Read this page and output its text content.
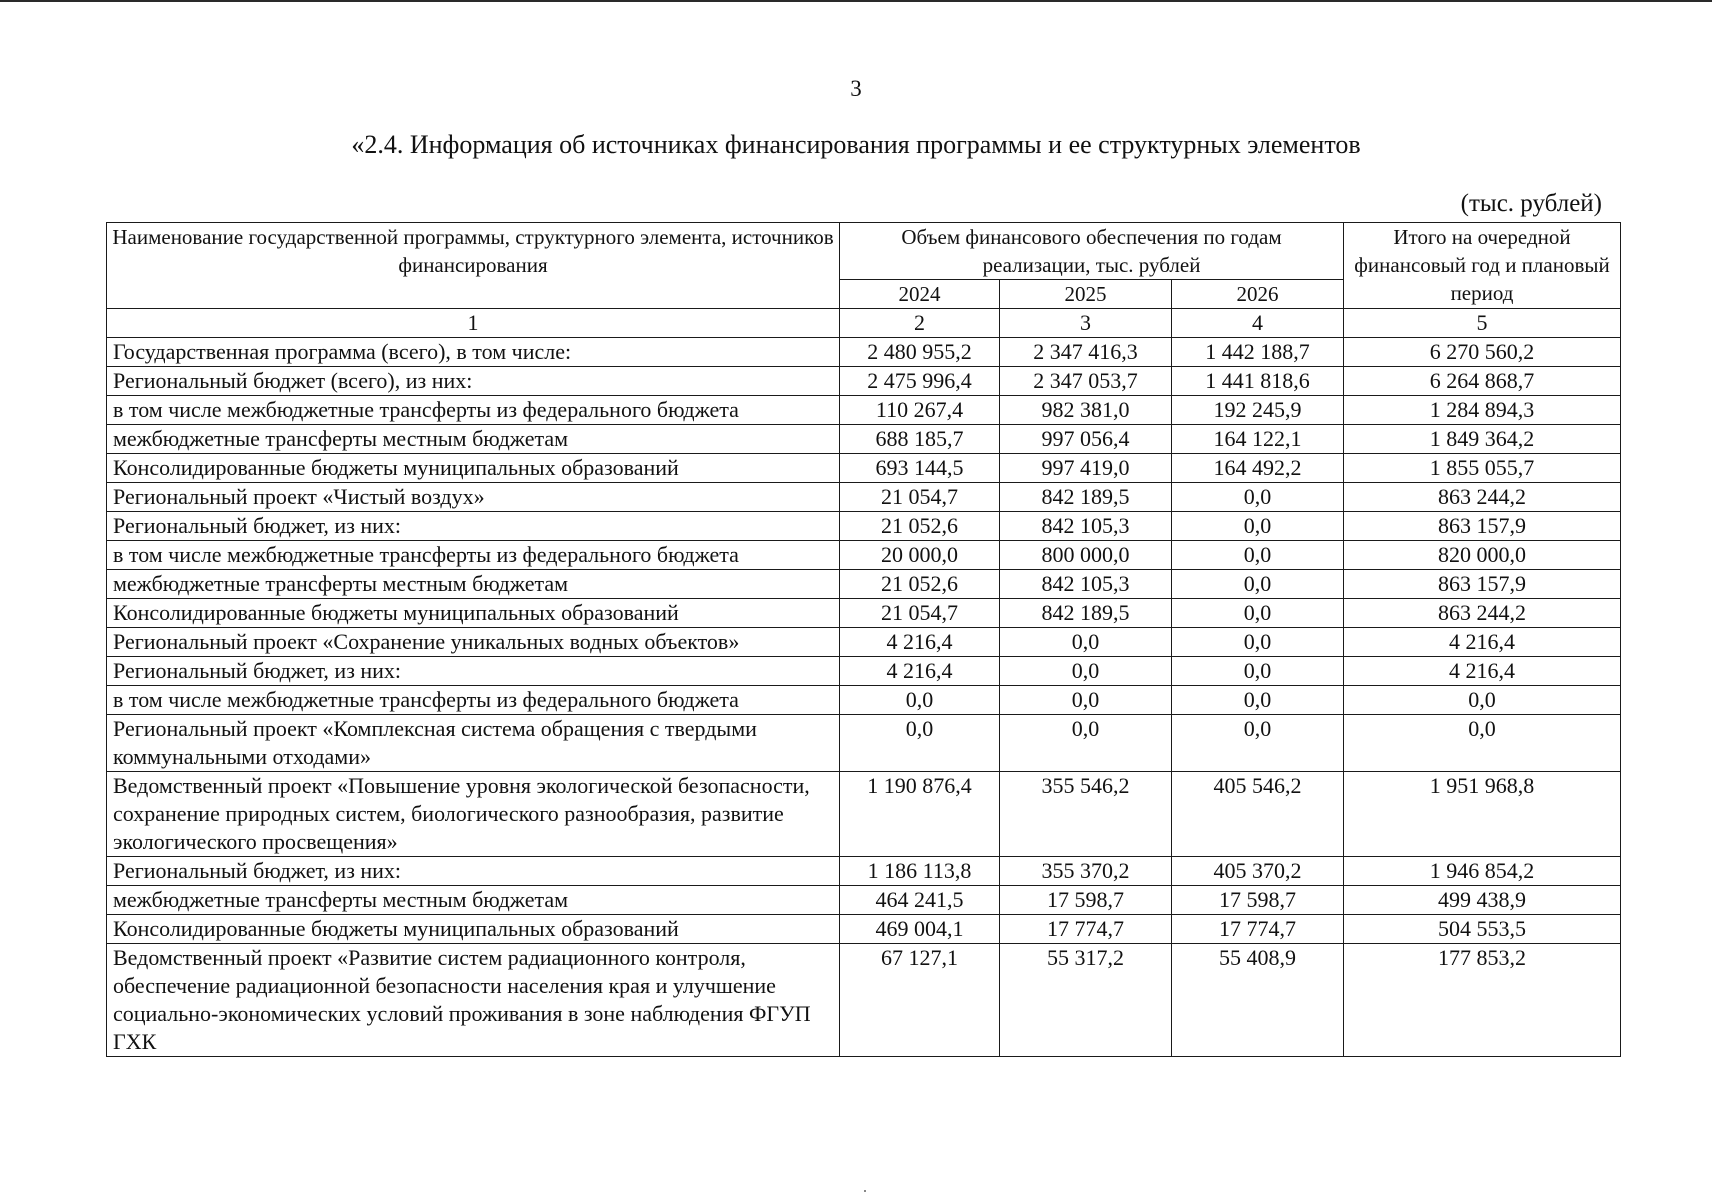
3
«2.4. Информация об источниках финансирования программы и ее структурных элементов
(тыс. рублей)
Наименование государственной программы, структурного элемента, источников финансирования	Объем финансового обеспечения по годам реализации, тыс. рублей			Итого на очередной финансовый год и плановый период
	2024	2025	2026	
1	2	3	4	5
Государственная программа (всего), в том числе:	2 480 955,2	2 347 416,3	1 442 188,7	6 270 560,2
Региональный бюджет (всего), из них:	2 475 996,4	2 347 053,7	1 441 818,6	6 264 868,7
в том числе межбюджетные трансферты из федерального бюджета	110 267,4	982 381,0	192 245,9	1 284 894,3
межбюджетные трансферты местным бюджетам	688 185,7	997 056,4	164 122,1	1 849 364,2
Консолидированные бюджеты муниципальных образований	693 144,5	997 419,0	164 492,2	1 855 055,7
Региональный проект «Чистый воздух»	21 054,7	842 189,5	0,0	863 244,2
Региональный бюджет, из них:	21 052,6	842 105,3	0,0	863 157,9
в том числе межбюджетные трансферты из федерального бюджета	20 000,0	800 000,0	0,0	820 000,0
межбюджетные трансферты местным бюджетам	21 052,6	842 105,3	0,0	863 157,9
Консолидированные бюджеты муниципальных образований	21 054,7	842 189,5	0,0	863 244,2
Региональный проект «Сохранение уникальных водных объектов»	4 216,4	0,0	0,0	4 216,4
Региональный бюджет, из них:	4 216,4	0,0	0,0	4 216,4
в том числе межбюджетные трансферты из федерального бюджета	0,0	0,0	0,0	0,0
Региональный проект «Комплексная система обращения с твердыми коммунальными отходами»	0,0	0,0	0,0	0,0
Ведомственный проект «Повышение уровня экологической безопасности, сохранение природных систем, биологического разнообразия, развитие экологического просвещения»	1 190 876,4	355 546,2	405 546,2	1 951 968,8
Региональный бюджет, из них:	1 186 113,8	355 370,2	405 370,2	1 946 854,2
межбюджетные трансферты местным бюджетам	464 241,5	17 598,7	17 598,7	499 438,9
Консолидированные бюджеты муниципальных образований	469 004,1	17 774,7	17 774,7	504 553,5
Ведомственный проект «Развитие систем радиационного контроля, обеспечение радиационной безопасности населения края и улучшение социально-экономических условий проживания в зоне наблюдения ФГУП ГХК	67 127,1	55 317,2	55 408,9	177 853,2
